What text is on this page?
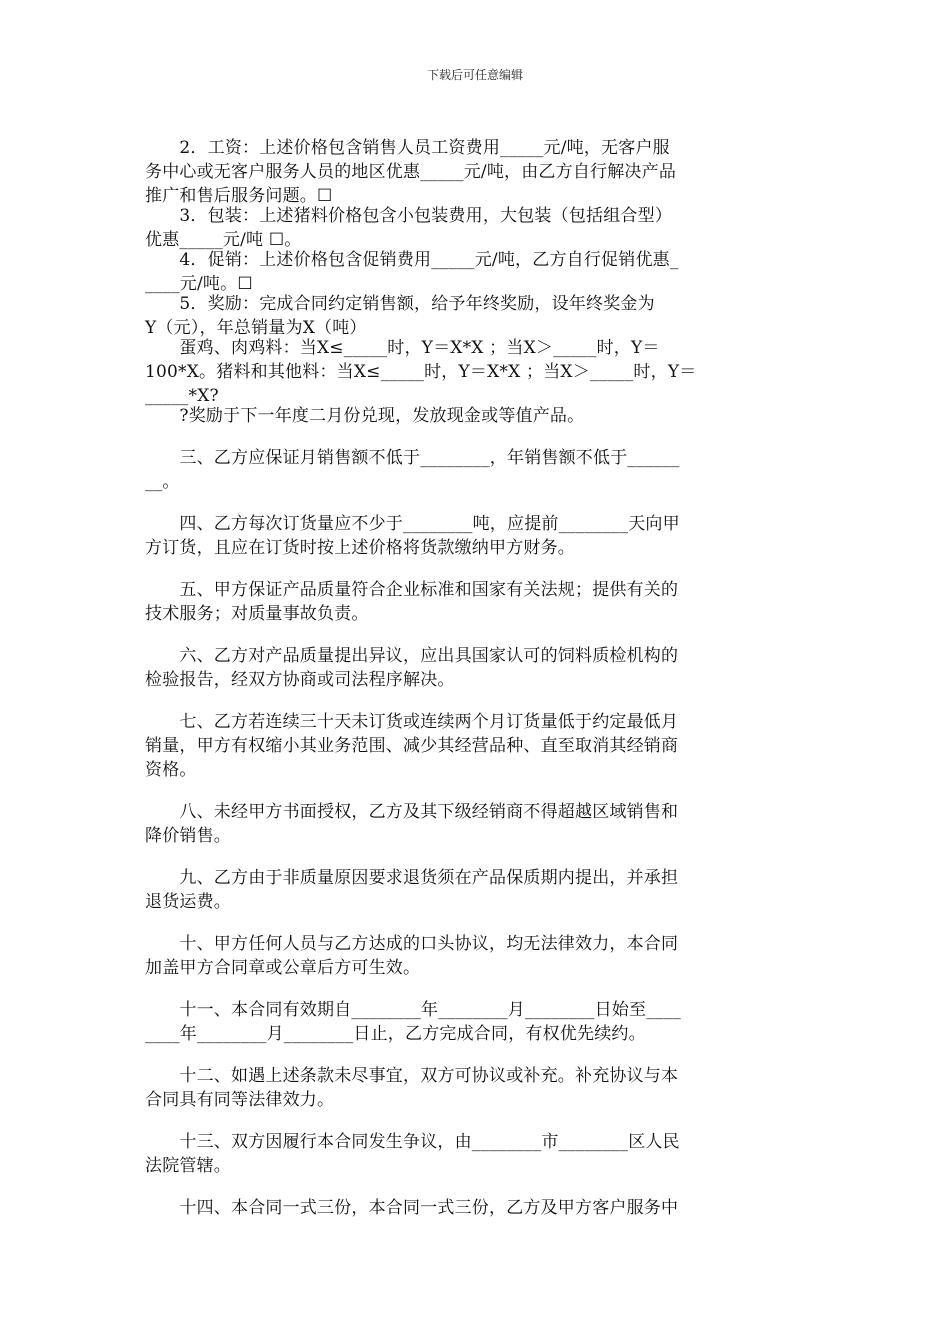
下载后可任意编辑
　　2．工资：上述价格包含销售人员工资费用_____元/吨，无客户服
务中心或无客户服务人员的地区优惠_____元/吨，由乙方自行解决产品
推广和售后服务问题。☐
　　3．包装：上述猪料价格包含小包装费用，大包装（包括组合型）
优惠_____元/吨 ☐。
　　4．促销：上述价格包含促销费用_____元/吨，乙方自行促销优惠_
____元/吨。☐
　　5．奖励：完成合同约定销售额，给予年终奖励，设年终奖金为
Y（元），年总销量为X（吨）
　　蛋鸡、肉鸡料：当X≤_____时，Y＝X*X ；当X＞_____时，Y＝
100*X。猪料和其他料：当X≤_____时，Y＝X*X ；当X＞_____时，Y＝
_____*X?
　　?奖励于下一年度二月份兑现，发放现金或等值产品。
　　三、乙方应保证月销售额不低于________，年销售额不低于______
__。
　　四、乙方每次订货量应不少于________吨，应提前________天向甲
方订货，且应在订货时按上述价格将货款缴纳甲方财务。
　　五、甲方保证产品质量符合企业标准和国家有关法规；提供有关的
技术服务；对质量事故负责。
　　六、乙方对产品质量提出异议，应出具国家认可的饲料质检机构的
检验报告，经双方协商或司法程序解决。
　　七、乙方若连续三十天未订货或连续两个月订货量低于约定最低月
销量，甲方有权缩小其业务范围、减少其经营品种、直至取消其经销商
资格。
　　八、未经甲方书面授权，乙方及其下级经销商不得超越区域销售和
降价销售。
　　九、乙方由于非质量原因要求退货须在产品保质期内提出，并承担
退货运费。
　　十、甲方任何人员与乙方达成的口头协议，均无法律效力，本合同
加盖甲方合同章或公章后方可生效。
　　十一、本合同有效期自________年________月________日始至____
____年________月________日止，乙方完成合同，有权优先续约。
　　十二、如遇上述条款未尽事宜，双方可协议或补充。补充协议与本
合同具有同等法律效力。
　　十三、双方因履行本合同发生争议，由________市________区人民
法院管辖。
　　十四、本合同一式三份，本合同一式三份，乙方及甲方客户服务中
